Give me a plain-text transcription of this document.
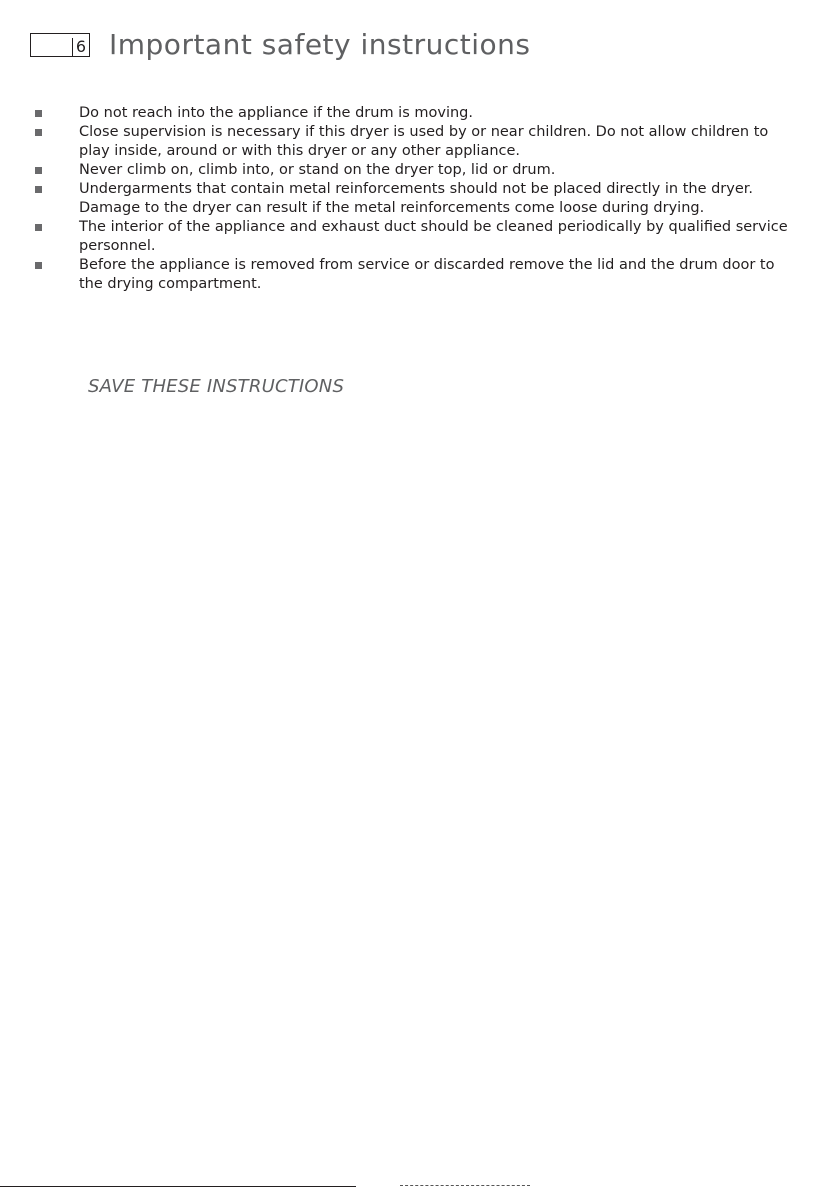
6 Important safety instructions
Do not reach into the appliance if the drum is moving.
Close supervision is necessary if this dryer is used by or near children. Do not allow children to play inside, around or with this dryer or any other appliance.
Never climb on, climb into, or stand on the dryer top, lid or drum.
Undergarments that contain metal reinforcements should not be placed directly in the dryer. Damage to the dryer can result if the metal reinforcements come loose during drying.
The interior of the appliance and exhaust duct should be cleaned periodically by qualified service personnel.
Before the appliance is removed from service or discarded remove the lid and the drum door to the drying compartment.
SAVE THESE INSTRUCTIONS
